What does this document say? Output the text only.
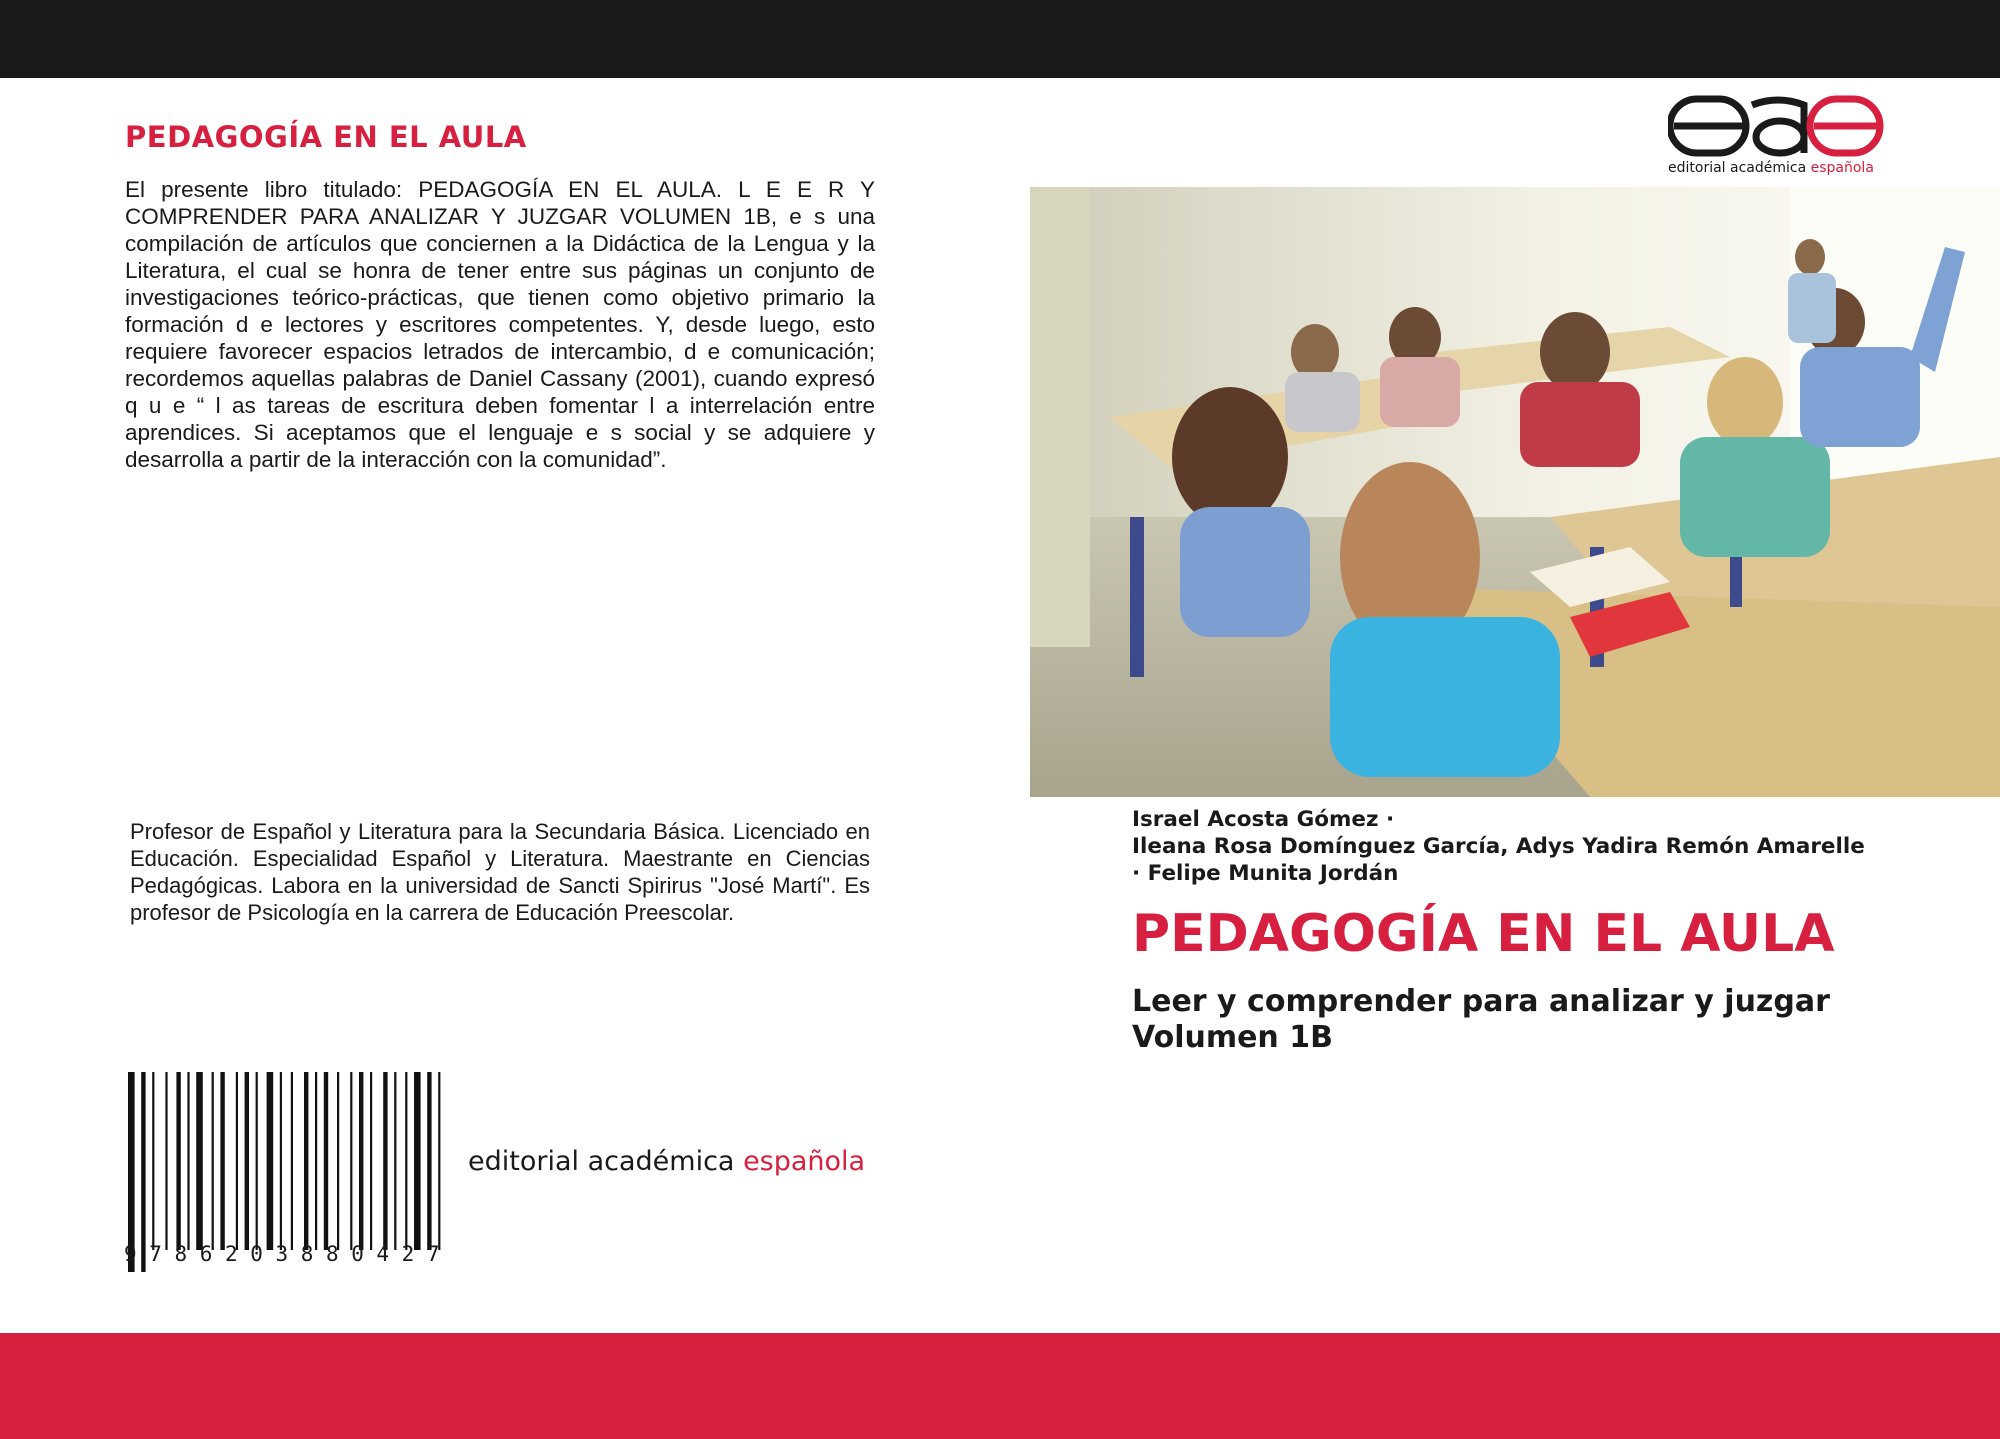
PEDAGOGÍA EN EL AULA

El presente libro titulado: PEDAGOGÍA EN EL AULA. L E E R Y COMPRENDER PARA ANALIZAR Y JUZGAR VOLUMEN 1B, e s una compilación de artículos que conciernen a la Didáctica de la Lengua y la Literatura, el cual se honra de tener entre sus páginas un conjunto de investigaciones teórico-prácticas, que tienen como objetivo primario la formación d e lectores y escritores competentes. Y, desde luego, esto requiere favorecer espacios letrados de intercambio, d e comunicación; recordemos aquellas palabras de Daniel Cassany (2001), cuando expresó q u e “ l as tareas de escritura deben fomentar l a interrelación entre aprendices. Si aceptamos que el lenguaje e s social y se adquiere y desarrolla a partir de la interacción con la comunidad”.

Profesor de Español y Literatura para la Secundaria Básica. Licenciado en Educación. Especialidad Español y Literatura. Maestrante en Ciencias Pedagógicas. Labora en la universidad de Sancti Spirirus "José Martí". Es profesor de Psicología en la carrera de Educación Preescolar.

9786203880427
editorial académica española
editorial académica española

Israel Acosta Gómez ·
Ileana Rosa Domínguez García, Adys Yadira Remón Amarelle
· Felipe Munita Jordán

PEDAGOGÍA EN EL AULA

Leer y comprender para analizar y juzgar
Volumen 1B
